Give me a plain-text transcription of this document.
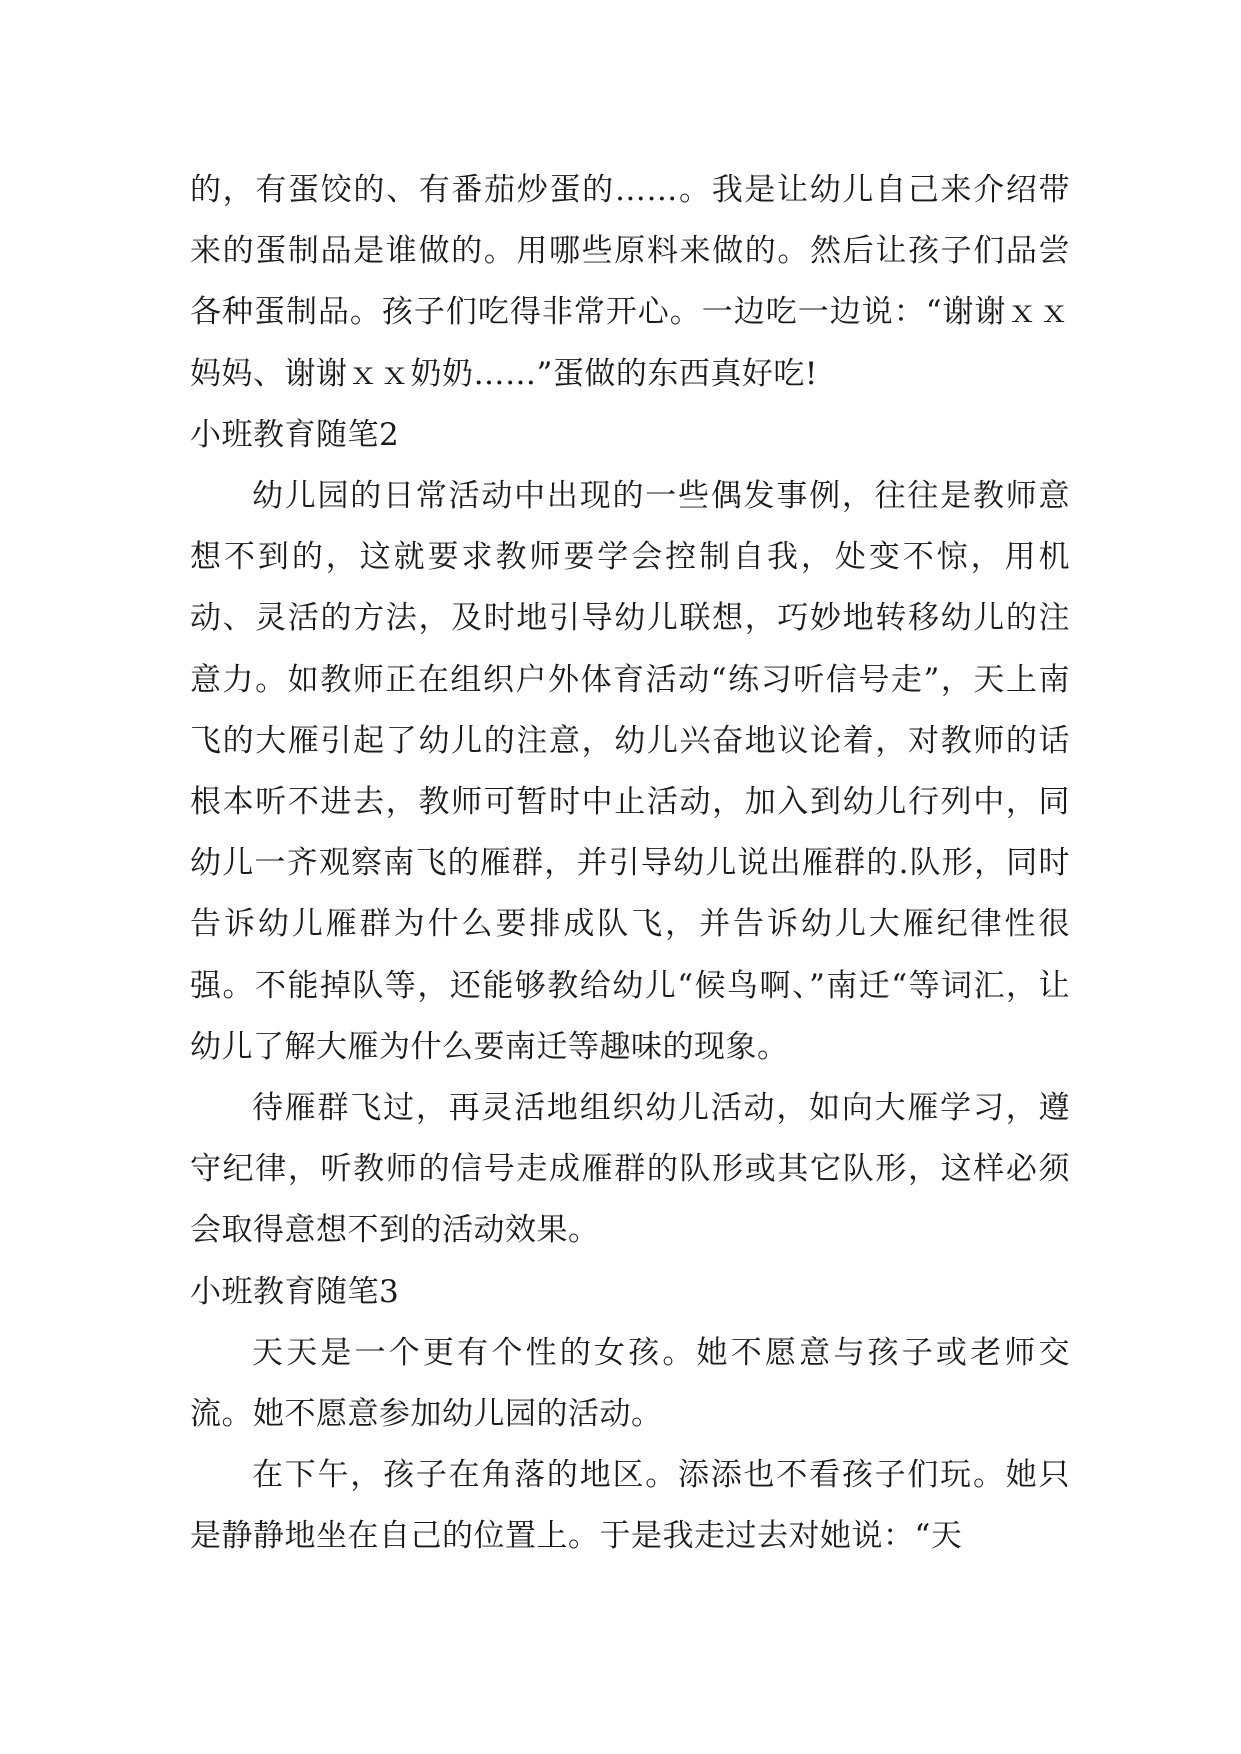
的，有蛋饺的、有番茄炒蛋的……。我是让幼儿自己来介绍带来的蛋制品是谁做的。用哪些原料来做的。然后让孩子们品尝各种蛋制品。孩子们吃得非常开心。一边吃一边说：“谢谢ｘｘ妈妈、谢谢ｘｘ奶奶……”蛋做的东西真好吃!

小班教育随笔2

幼儿园的日常活动中出现的一些偶发事例，往往是教师意想不到的，这就要求教师要学会控制自我，处变不惊，用机动、灵活的方法，及时地引导幼儿联想，巧妙地转移幼儿的注意力。如教师正在组织户外体育活动“练习听信号走”，天上南飞的大雁引起了幼儿的注意，幼儿兴奋地议论着，对教师的话根本听不进去，教师可暂时中止活动，加入到幼儿行列中，同幼儿一齐观察南飞的雁群，并引导幼儿说出雁群的.队形，同时告诉幼儿雁群为什么要排成队飞，并告诉幼儿大雁纪律性很强。不能掉队等，还能够教给幼儿“候鸟啊、”南迁“等词汇，让幼儿了解大雁为什么要南迁等趣味的现象。

待雁群飞过，再灵活地组织幼儿活动，如向大雁学习，遵守纪律，听教师的信号走成雁群的队形或其它队形，这样必须会取得意想不到的活动效果。

小班教育随笔3

天天是一个更有个性的女孩。她不愿意与孩子或老师交流。她不愿意参加幼儿园的活动。

在下午，孩子在角落的地区。添添也不看孩子们玩。她只是静静地坐在自己的位置上。于是我走过去对她说：“天
